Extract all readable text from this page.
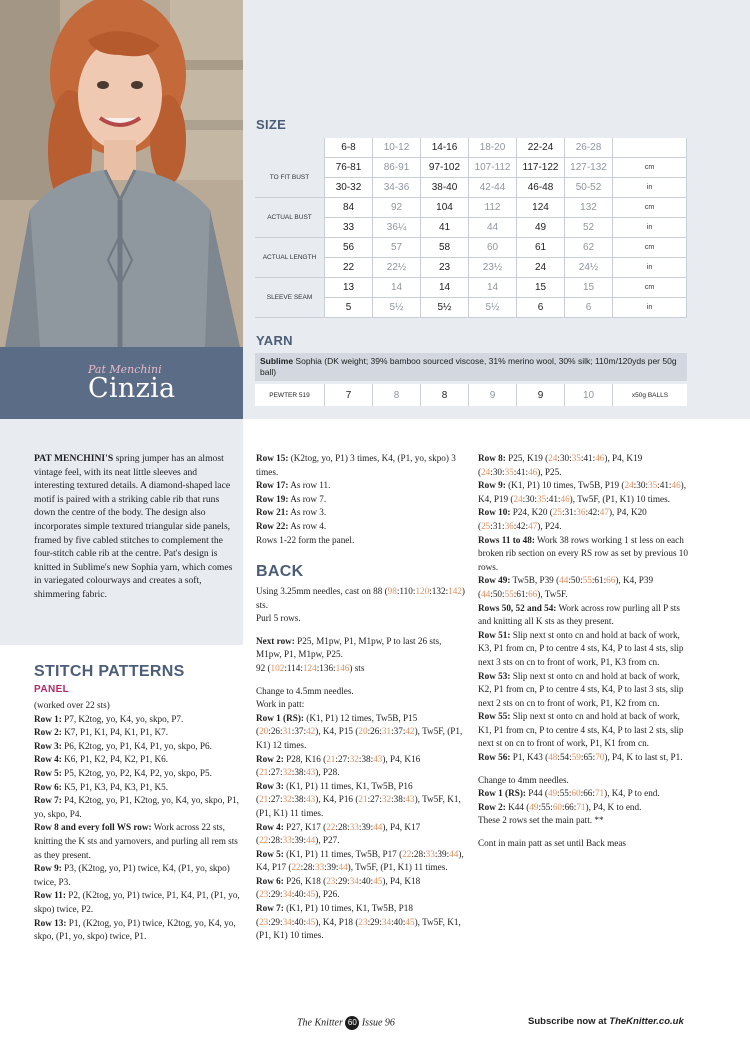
Pat Menchini
Cinzia
SIZE
6-8	10-12	14-16	18-20	22-24	26-28
TO FIT BUST
76-81	86-91	97-102	107-112	117-122	127-132	cm
30-32	34-36	38-40	42-44	46-48	50-52	in
ACTUAL BUST
84	92	104	112	124	132	cm
33	36¼	41	44	49	52	in
ACTUAL LENGTH
56	57	58	60	61	62	cm
22	22½	23	23½	24	24½	in
SLEEVE SEAM
13	14	14	14	15	15	cm
5	5½	5½	5½	6	6	in
YARN
Sublime Sophia (DK weight; 39% bamboo sourced viscose, 31% merino wool, 30% silk; 110m/120yds per 50g ball)
PEWTER 519	7	8	8	9	9	10	x50g BALLS
PAT MENCHINI'S spring jumper has an almost vintage feel, with its neat little sleeves and interesting textured details. A diamond-shaped lace motif is paired with a striking cable rib that runs down the centre of the body. The design also incorporates simple textured triangular side panels, framed by five cabled stitches to complement the four-stitch cable rib at the centre. Pat's design is knitted in Sublime's new Sophia yarn, which comes in variegated colourways and creates a soft, shimmering fabric.
STITCH PATTERNS
PANEL

(worked over 22 sts)

Row 1: P7, K2tog, yo, K4, yo, skpo, P7.

Row 2: K7, P1, K1, P4, K1, P1, K7.

Row 3: P6, K2tog, yo, P1, K4, P1, yo, skpo, P6.

Row 4: K6, P1, K2, P4, K2, P1, K6.

Row 5: P5, K2tog, yo, P2, K4, P2, yo, skpo, P5.

Row 6: K5, P1, K3, P4, K3, P1, K5.

Row 7: P4, K2tog, yo, P1, K2tog, yo, K4, yo, skpo, P1, yo, skpo, P4.

Row 8 and every foll WS row: Work across 22 sts, knitting the K sts and yarnovers, and purling all rem sts as they present.

Row 9: P3, (K2tog, yo, P1) twice, K4, (P1, yo, skpo) twice, P3.

Row 11: P2, (K2tog, yo, P1) twice, P1, K4, P1, (P1, yo, skpo) twice, P2.

Row 13: P1, (K2tog, yo, P1) twice, K2tog, yo, K4, yo, skpo, (P1, yo, skpo) twice, P1.

Row 15: (K2tog, yo, P1) 3 times, K4, (P1, yo, skpo) 3 times.

Row 17: As row 11.

Row 19: As row 7.

Row 21: As row 3.

Row 22: As row 4.

Rows 1-22 form the panel.

BACK

Using 3.25mm needles, cast on 88 (98:110:120:132:142) sts.

Purl 5 rows.

Next row: P25, M1pw, P1, M1pw, P to last 26 sts, M1pw, P1, M1pw, P25.

92 (102:114:124:136:146) sts

Change to 4.5mm needles.

Work in patt:

Row 1 (RS): (K1, P1) 12 times, Tw5B, P15 (20:26:31:37:42), K4, P15 (20:26:31:37:42), Tw5F, (P1, K1) 12 times.

Row 2: P28, K16 (21:27:32:38:43), P4, K16 (21:27:32:38:43), P28.

Row 3: (K1, P1) 11 times, K1, Tw5B, P16 (21:27:32:38:43), K4, P16 (21:27:32:38:43), Tw5F, K1, (P1, K1) 11 times.

Row 4: P27, K17 (22:28:33:39:44), P4, K17 (22:28:33:39:44), P27.

Row 5: (K1, P1) 11 times, Tw5B, P17 (22:28:33:39:44), K4, P17 (22:28:33:39:44), Tw5F, (P1, K1) 11 times.

Row 6: P26, K18 (23:29:34:40:45), P4, K18 (23:29:34:40:45), P26.

Row 7: (K1, P1) 10 times, K1, Tw5B, P18 (23:29:34:40:45), K4, P18 (23:29:34:40:45), Tw5F, K1, (P1, K1) 10 times.

Row 8: P25, K19 (24:30:35:41:46), P4, K19 (24:30:35:41:46), P25.

Row 9: (K1, P1) 10 times, Tw5B, P19 (24:30:35:41:46), K4, P19 (24:30:35:41:46), Tw5F, (P1, K1) 10 times.

Row 10: P24, K20 (25:31:36:42:47), P4, K20 (25:31:36:42:47), P24.

Rows 11 to 48: Work 38 rows working 1 st less on each broken rib section on every RS row as set by previous 10 rows.

Row 49: Tw5B, P39 (44:50:55:61:66), K4, P39 (44:50:55:61:66), Tw5F.

Rows 50, 52 and 54: Work across row purling all P sts and knitting all K sts as they present.

Row 51: Slip next st onto cn and hold at back of work, K3, P1 from cn, P to centre 4 sts, K4, P to last 4 sts, slip next 3 sts on cn to front of work, P1, K3 from cn.

Row 53: Slip next st onto cn and hold at back of work, K2, P1 from cn, P to centre 4 sts, K4, P to last 3 sts, slip next 2 sts on cn to front of work, P1, K2 from cn.

Row 55: Slip next st onto cn and hold at back of work, K1, P1 from cn, P to centre 4 sts, K4, P to last 2 sts, slip next st on cn to front of work, P1, K1 from cn.

Row 56: P1, K43 (48:54:59:65:70), P4, K to last st, P1.

Change to 4mm needles.

Row 1 (RS): P44 (49:55:60:66:71), K4, P to end.

Row 2: K44 (49:55:60:66:71), P4, K to end.

These 2 rows set the main patt. **

Cont in main patt as set until Back meas

The Knitter 60 Issue 96	Subscribe now at TheKnitter.co.uk
